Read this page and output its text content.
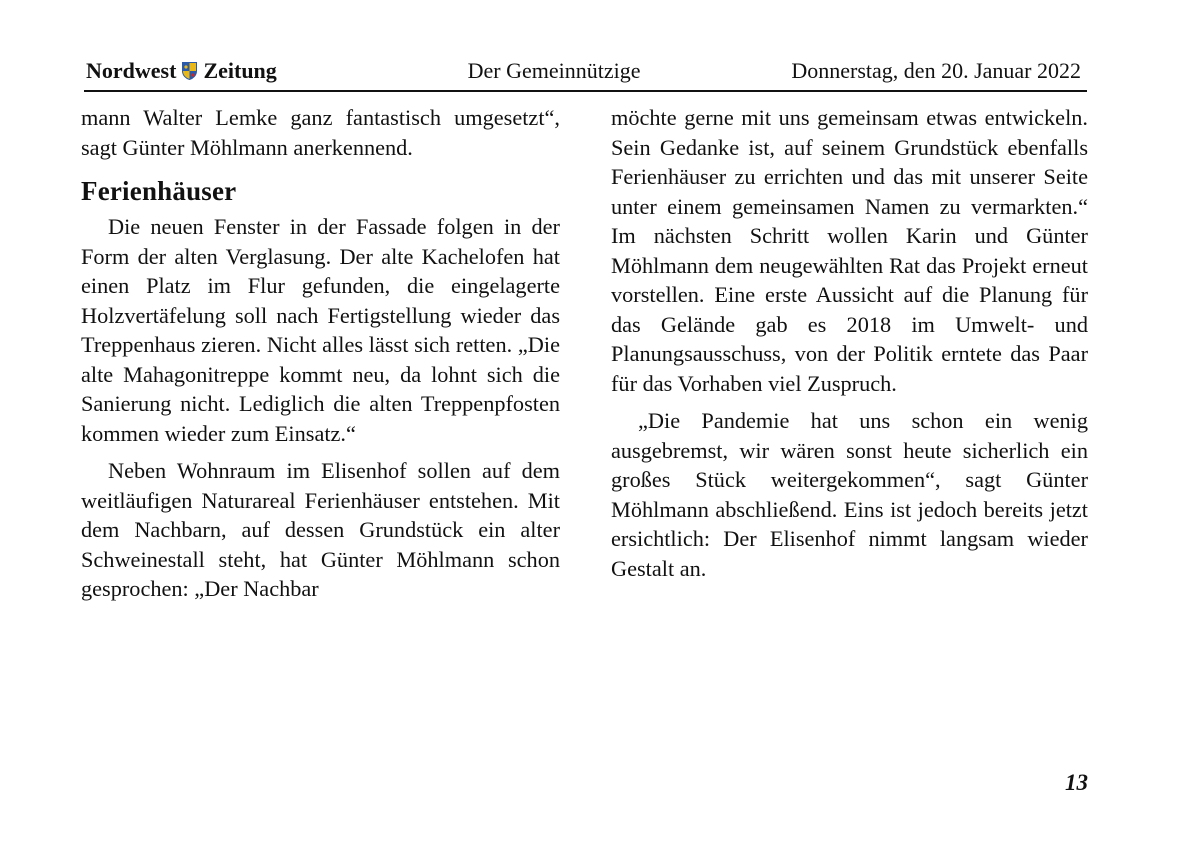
Nordwest Zeitung	Der Gemeinnützige	Donnerstag, den 20. Januar 2022

mann Walter Lemke ganz fantastisch umgesetzt“, sagt Günter Möhlmann anerkennend.

Ferienhäuser

Die neuen Fenster in der Fassade folgen in der Form der alten Verglasung. Der alte Kachelofen hat einen Platz im Flur gefunden, die eingelagerte Holzvertäfelung soll nach Fertigstellung wieder das Treppenhaus zieren. Nicht alles lässt sich retten. „Die alte Mahagonitreppe kommt neu, da lohnt sich die Sanierung nicht. Lediglich die alten Treppenpfosten kommen wieder zum Einsatz.“

Neben Wohnraum im Elisenhof sollen auf dem weitläufigen Naturareal Ferienhäuser entstehen. Mit dem Nachbarn, auf dessen Grundstück ein alter Schweinestall steht, hat Günter Möhlmann schon gesprochen: „Der Nachbar

möchte gerne mit uns gemeinsam etwas entwickeln. Sein Gedanke ist, auf seinem Grundstück ebenfalls Ferienhäuser zu errichten und das mit unserer Seite unter einem gemeinsamen Namen zu vermarkten.“ Im nächsten Schritt wollen Karin und Günter Möhlmann dem neugewählten Rat das Projekt erneut vorstellen. Eine erste Aussicht auf die Planung für das Gelände gab es 2018 im Umwelt- und Planungsausschuss, von der Politik erntete das Paar für das Vorhaben viel Zuspruch.

„Die Pandemie hat uns schon ein wenig ausgebremst, wir wären sonst heute sicherlich ein großes Stück weitergekommen“, sagt Günter Möhlmann abschließend. Eins ist jedoch bereits jetzt ersichtlich: Der Elisenhof nimmt langsam wieder Gestalt an.

13
